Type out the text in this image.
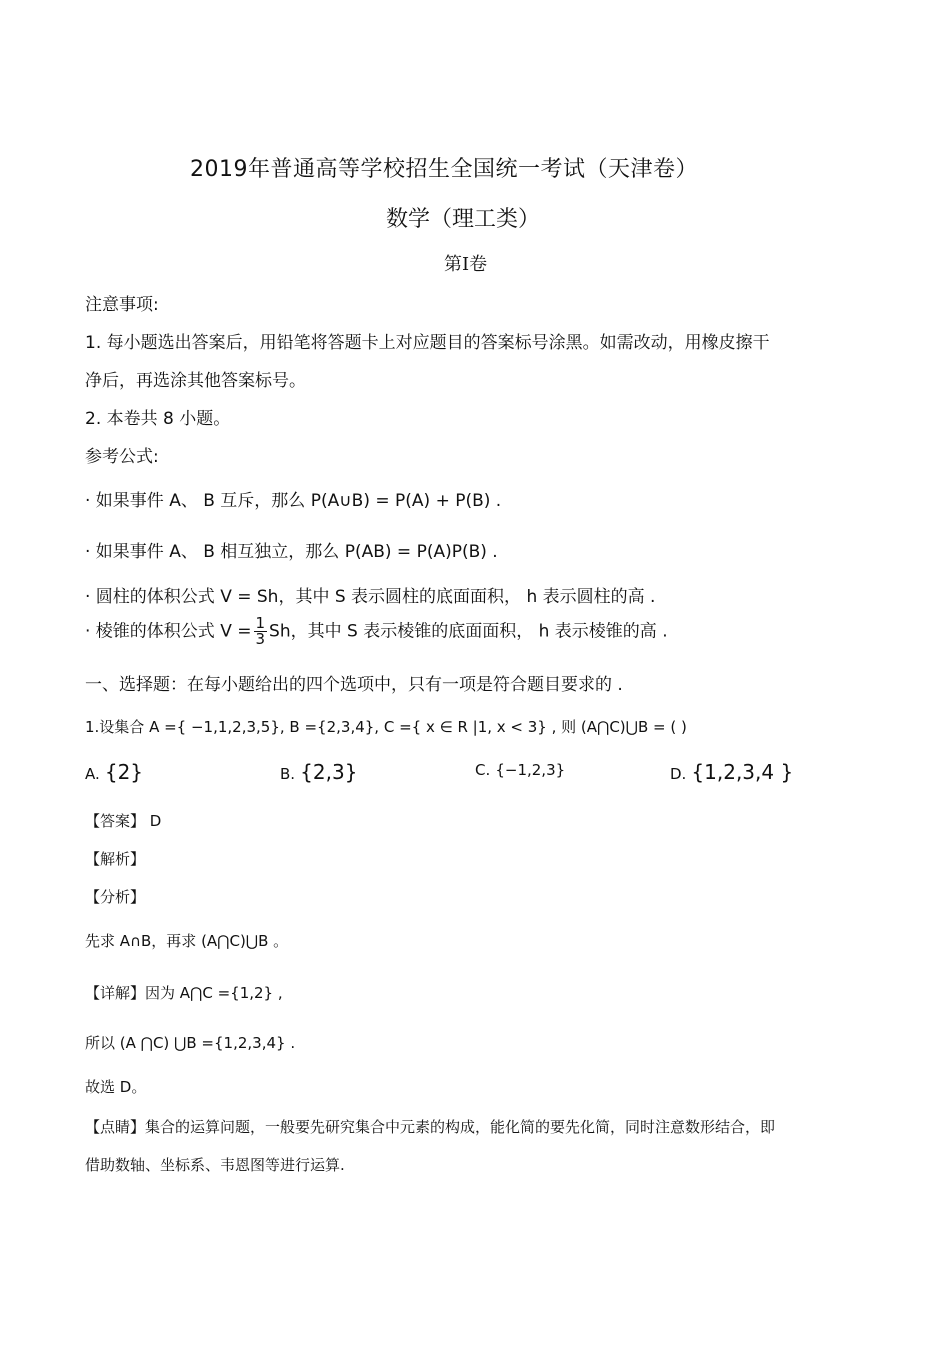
2019年普通高等学校招生全国统一考试（天津卷）
数学（理工类）
第Ⅰ卷
注意事项:
1. 每小题选出答案后，用铅笔将答题卡上对应题目的答案标号涂黑。如需改动，用橡皮擦干
净后，再选涂其他答案标号。
2. 本卷共 8 小题。
参考公式:
· 如果事件 A、 B 互斥，那么 P(A∪B) = P(A) + P(B) .
· 如果事件 A、 B 相互独立，那么 P(AB) = P(A)P(B) .
· 圆柱的体积公式 V = Sh，其中 S 表示圆柱的底面面积， h 表示圆柱的高 .
· 棱锥的体积公式 $V = \frac{1}{3}$ Sh，其中 S 表示棱锥的底面面积， h 表示棱锥的高 .
一、选择题：在每小题给出的四个选项中，只有一项是符合题目要求的 .
1.设集合 A ={ −1,1,2,3,5}, B ={2,3,4}, C ={ x ∈ R |1, x < 3} , 则 (A⋂C)⋃B = ( )
A. {2}	B. {2,3}	C. {−1,2,3}	D. {1,2,3,4 }
【答案】 D
【解析】
【分析】
先求 A∩B，再求 (A⋂C)⋃B 。
【详解】因为 A⋂C ={1,2} ,
所以 (A ⋂C) ⋃B ={1,2,3,4} .
故选 D。
【点睛】集合的运算问题，一般要先研究集合中元素的构成，能化简的要先化简，同时注意数形结合，即
借助数轴、坐标系、韦恩图等进行运算.
